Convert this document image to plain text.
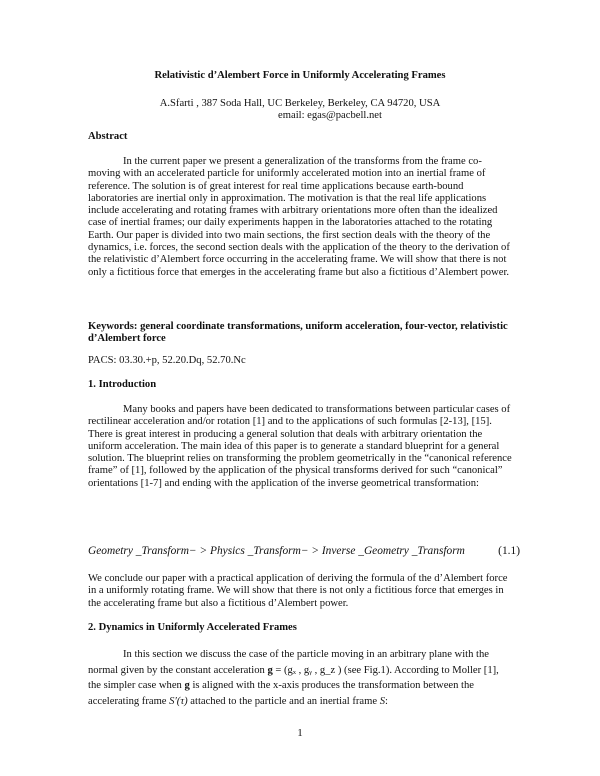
Relativistic d’Alembert Force in Uniformly Accelerating Frames
A.Sfarti , 387 Soda Hall, UC Berkeley, Berkeley, CA 94720, USA
email: egas@pacbell.net

Abstract

In the current paper we present a generalization of the transforms from the frame co-moving with an accelerated particle for uniformly accelerated motion into an inertial frame of reference. The solution is of great interest for real time applications because earth-bound laboratories are inertial only in approximation. The motivation is that the real life applications include accelerating and rotating frames with arbitrary orientations more often than the idealized case of inertial frames; our daily experiments happen in the laboratories attached to the rotating Earth. Our paper is divided into two main sections, the first section deals with the theory of the dynamics, i.e. forces, the second section deals with the application of the theory to the derivation of the relativistic d’Alembert force occurring in the accelerating frame. We will show that there is not only a fictitious force that emerges in the accelerating frame but also a fictitious d’Alembert power.

Keywords: general coordinate transformations, uniform acceleration, four-vector, relativistic d’Alembert force

PACS: 03.30.+p, 52.20.Dq, 52.70.Nc

1. Introduction

Many books and papers have been dedicated to transformations between particular cases of rectilinear acceleration and/or rotation [1] and to the applications of such formulas [2-13], [15]. There is great interest in producing a general solution that deals with arbitrary orientation the uniform acceleration. The main idea of this paper is to generate a standard blueprint for a general solution. The blueprint relies on transforming the problem geometrically in the “canonical reference frame” of [1], followed by the application of the physical transforms derived for such “canonical” orientations [1-7] and ending with the application of the inverse geometrical transformation:

Geometry _Transform− > Physics _Transform− > Inverse _Geometry _Transform	(1.1)

We conclude our paper with a practical application of deriving the formula of the d’Alembert force in a uniformly rotating frame. We will show that there is not only a fictitious force that emerges in the accelerating frame but also a fictitious d’Alembert power.

2. Dynamics in Uniformly Accelerated Frames

In this section we discuss the case of the particle moving in an arbitrary plane with the normal given by the constant acceleration g = (gₓ , gᵧ , g_z ) (see Fig.1). According to Moller [1], the simpler case when g is aligned with the x-axis produces the transformation between the accelerating frame S′(τ) attached to the particle and an inertial frame S:

1
